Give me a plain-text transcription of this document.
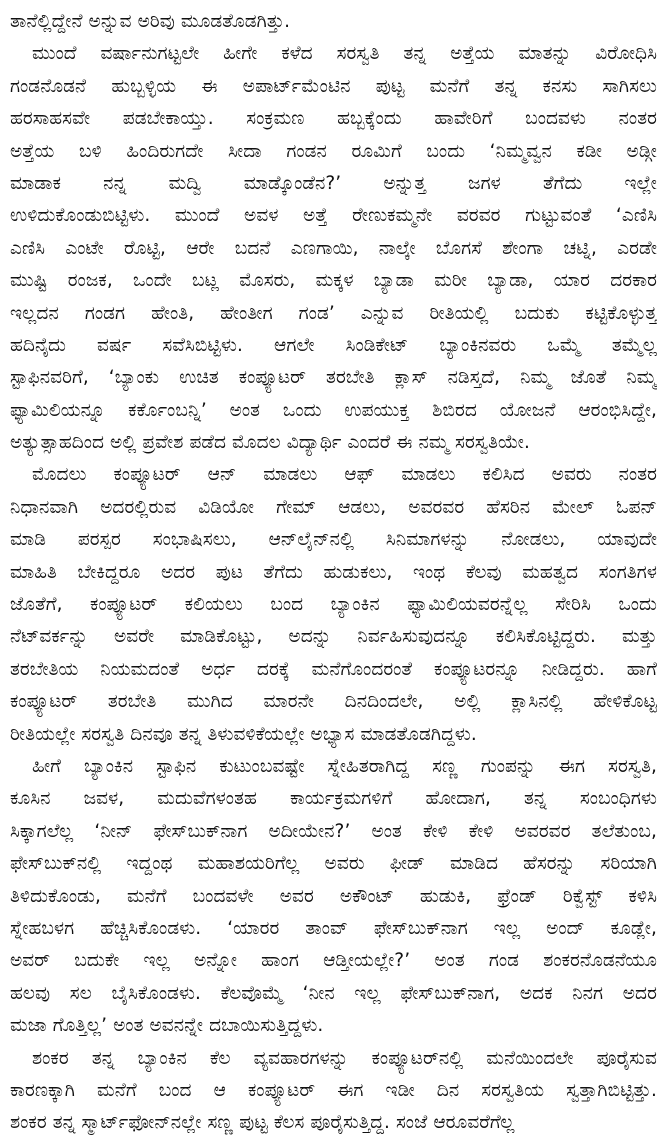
ತಾನೆಲ್ಲಿದ್ದೇನೆ ಅನ್ನುವ ಅರಿವು ಮೂಡತೊಡಗಿತ್ತು.
ಮುಂದೆ ವರ್ಷಾನುಗಟ್ಟಲೇ ಹೀಗೇ ಕಳೆದ ಸರಸ್ವತಿ ತನ್ನ ಅತ್ತೆಯ ಮಾತನ್ನು ವಿರೋಧಿಸಿ
ಗಂಡನೊಡನೆ ಹುಬ್ಬಳ್ಳಿಯ ಈ ಅಪಾರ್ಟ್‌ಮೆಂಟಿನ ಪುಟ್ಟ ಮನೆಗೆ ತನ್ನ ಕನಸು ಸಾಗಿಸಲು
ಹರಸಾಹಸವೇ ಪಡಬೇಕಾಯ್ತು. ಸಂಕ್ರಮಣ ಹಬ್ಬಕ್ಕೆಂದು ಹಾವೇರಿಗೆ ಬಂದವಳು ನಂತರ
ಅತ್ತೆಯ ಬಳಿ ಹಿಂದಿರುಗದೇ ಸೀದಾ ಗಂಡನ ರೂಮಿಗೆ ಬಂದು ‘ನಿಮ್ಮವ್ವನ ಕಡೀ ಅಡ್ಗೀ
ಮಾಡಾಕ ನನ್ನ ಮದ್ವಿ ಮಾಡ್ಕೊಂಡೆನ?’ ಅನ್ನುತ್ತ ಜಗಳ ತೆಗೆದು ಇಲ್ಲೇ
ಉಳಿದುಕೊಂಡುಬಿಟ್ಟಿಳು. ಮುಂದೆ ಅವಳ ಅತ್ತೆ ರೇಣುಕಮ್ಮನೇ ವರವರ ಗುಟ್ಟುವಂತೆ ‘ಎಣಿಸಿ
ಎಣಿಸಿ ಎಂಟೇ ರೊಟ್ಟಿ, ಆರೇ ಬದನೆ ಎಣಗಾಯಿ, ನಾಲ್ಕೇ ಬೊಗಸೆ ಶೇಂಗಾ ಚಟ್ನಿ, ಎರಡೇ
ಮುಷ್ಟಿ ರಂಜಕ, ಒಂದೇ ಬಟ್ಲ ಮೊಸರು, ಮಕ್ಕಳ ಬ್ಯಾಡಾ ಮರೀ ಬ್ಯಾಡಾ, ಯಾರ ದರಕಾರ
ಇಲ್ಲದನ ಗಂಡಗ ಹೇಂತಿ, ಹೇಂತೀಗ ಗಂಡ’ ಎನ್ನುವ ರೀತಿಯಲ್ಲಿ ಬದುಕು ಕಟ್ಟಿಕೊಳ್ಳುತ್ತ
ಹದಿನೈದು ವರ್ಷ ಸವೆಸಿಬಿಟ್ಟಿಳು. ಆಗಲೇ ಸಿಂಡಿಕೇಟ್ ಬ್ಯಾಂಕಿನವರು ಒಮ್ಮೆ ತಮ್ಮೆಲ್ಲ
ಸ್ಟಾಫಿನವರಿಗೆ, ‘ಬ್ಯಾಂಕು ಉಚಿತ ಕಂಪ್ಯೂಟರ್ ತರಬೇತಿ ಕ್ಲಾಸ್ ನಡಿಸ್ತದೆ, ನಿಮ್ಮ ಜೊತೆ ನಿಮ್ಮ
ಫ್ಯಾಮಿಲಿಯನ್ನೂ ಕರ್ಕೊಂಬನ್ನಿ’ ಅಂತ ಒಂದು ಉಪಯುಕ್ತ ಶಿಬಿರದ ಯೋಜನೆ ಆರಂಭಿಸಿದ್ದೇ,
ಅತ್ಯುತ್ಸಾಹದಿಂದ ಅಲ್ಲಿ ಪ್ರವೇಶ ಪಡೆದ ಮೊದಲ ವಿದ್ಯಾರ್ಥಿ ಎಂದರೆ ಈ ನಮ್ಮ ಸರಸ್ವತಿಯೇ.
ಮೊದಲು ಕಂಪ್ಯೂಟರ್ ಆನ್ ಮಾಡಲು ಆಫ್ ಮಾಡಲು ಕಲಿಸಿದ ಅವರು ನಂತರ
ನಿಧಾನವಾಗಿ ಅದರಲ್ಲಿರುವ ವಿಡಿಯೋ ಗೇಮ್ ಆಡಲು, ಅವರವರ ಹೆಸರಿನ ಮೇಲ್ ಓಪನ್
ಮಾಡಿ ಪರಸ್ಪರ ಸಂಭಾಷಿಸಲು, ಆನ್‌ಲೈನ್‌ನಲ್ಲಿ ಸಿನಿಮಾಗಳನ್ನು ನೋಡಲು, ಯಾವುದೇ
ಮಾಹಿತಿ ಬೇಕಿದ್ದರೂ ಅದರ ಪುಟ ತೆಗೆದು ಹುಡುಕಲು, ಇಂಥ ಕೆಲವು ಮಹತ್ವದ ಸಂಗತಿಗಳ
ಜೊತೆಗೆ, ಕಂಪ್ಯೂಟರ್ ಕಲಿಯಲು ಬಂದ ಬ್ಯಾಂಕಿನ ಫ್ಯಾಮಿಲಿಯವರನ್ನೆಲ್ಲ ಸೇರಿಸಿ ಒಂದು
ನೆಟ್‌ವರ್ಕನ್ನು ಅವರೇ ಮಾಡಿಕೊಟ್ಟು, ಅದನ್ನು ನಿರ್ವಹಿಸುವುದನ್ನೂ ಕಲಿಸಿಕೊಟ್ಟಿದ್ದರು. ಮತ್ತು
ತರಬೇತಿಯ ನಿಯಮದಂತೆ ಅರ್ಧ ದರಕ್ಕೆ ಮನೆಗೊಂದರಂತೆ ಕಂಪ್ಯೂಟರನ್ನೂ ನೀಡಿದ್ದರು. ಹಾಗೆ
ಕಂಪ್ಯೂಟರ್ ತರಬೇತಿ ಮುಗಿದ ಮಾರನೇ ದಿನದಿಂದಲೇ, ಅಲ್ಲಿ ಕ್ಲಾಸಿನಲ್ಲಿ ಹೇಳಿಕೊಟ್ಟ
ರೀತಿಯಲ್ಲೇ ಸರಸ್ವತಿ ದಿನವೂ ತನ್ನ ತಿಳುವಳಿಕೆಯಲ್ಲೇ ಅಭ್ಯಾಸ ಮಾಡತೊಡಗಿದ್ದಳು.
ಹೀಗೆ ಬ್ಯಾಂಕಿನ ಸ್ಟಾಫಿನ ಕುಟುಂಬವಷ್ಟೇ ಸ್ನೇಹಿತರಾಗಿದ್ದ ಸಣ್ಣ ಗುಂಪನ್ನು ಈಗ ಸರಸ್ವತಿ,
ಕೂಸಿನ ಜವಳ, ಮದುವೆಗಳಂತಹ ಕಾರ್ಯಕ್ರಮಗಳಿಗೆ ಹೋದಾಗ, ತನ್ನ ಸಂಬಂಧಿಗಳು
ಸಿಕ್ಕಾಗಲೆಲ್ಲ ‘ನೀನ್ ಫೇಸ್‌ಬುಕ್‌ನಾಗ ಅದೀಯೇನ?’ ಅಂತ ಕೇಳಿ ಕೇಳಿ ಅವರವರ ತಲೆತುಂಬ,
ಫೇಸ್‌ಬುಕ್‌ನಲ್ಲಿ ಇದ್ದಂಥ ಮಹಾಶಯರಿಗೆಲ್ಲ ಅವರು ಫೀಡ್ ಮಾಡಿದ ಹೆಸರನ್ನು ಸರಿಯಾಗಿ
ತಿಳಿದುಕೊಂಡು, ಮನೆಗೆ ಬಂದವಳೇ ಅವರ ಅಕೌಂಟ್ ಹುಡುಕಿ, ಫ್ರೆಂಡ್ ರಿಕ್ವೆಸ್ಟ್ ಕಳಿಸಿ
ಸ್ನೇಹಬಳಗ ಹೆಚ್ಚಿಸಿಕೊಂಡಳು. ‘ಯಾರರ ತಾಂವ್ ಫೇಸ್‌ಬುಕ್‌ನಾಗ ಇಲ್ಲ ಅಂದ್ ಕೂಡ್ಲೇ,
ಅವರ್ ಬದುಕೇ ಇಲ್ಲ ಅನ್ನೋ ಹಾಂಗ ಆಡ್ತೀಯಲ್ಲೇ?’ ಅಂತ ಗಂಡ ಶಂಕರನೊಡನೆಯೂ
ಹಲವು ಸಲ ಬೈಸಿಕೊಂಡಳು. ಕೆಲವೊಮ್ಮೆ ‘ನೀನ ಇಲ್ಲ ಫೇಸ್‌ಬುಕ್‌ನಾಗ, ಅದಕ ನಿನಗ ಅದರ
ಮಜಾ ಗೊತ್ತಿಲ್ಲ’ ಅಂತ ಅವನನ್ನೇ ದಬಾಯಿಸುತ್ತಿದ್ದಳು.
ಶಂಕರ ತನ್ನ ಬ್ಯಾಂಕಿನ ಕೆಲ ವ್ಯವಹಾರಗಳನ್ನು ಕಂಪ್ಯೂಟರ್‌ನಲ್ಲಿ ಮನೆಯಿಂದಲೇ ಪೂರೈಸುವ
ಕಾರಣಕ್ಕಾಗಿ ಮನೆಗೆ ಬಂದ ಆ ಕಂಪ್ಯೂಟರ್ ಈಗ ಇಡೀ ದಿನ ಸರಸ್ವತಿಯ ಸ್ವತ್ತಾಗಿಬಿಟ್ಟಿತ್ತು.
ಶಂಕರ ತನ್ನ ಸ್ಮಾರ್ಟ್‌ಫೋನ್‌ನಲ್ಲೇ ಸಣ್ಣ ಪುಟ್ಟ ಕೆಲಸ ಪೂರೈಸುತ್ತಿದ್ದ. ಸಂಜೆ ಆರೂವರೆಗೆಲ್ಲ
